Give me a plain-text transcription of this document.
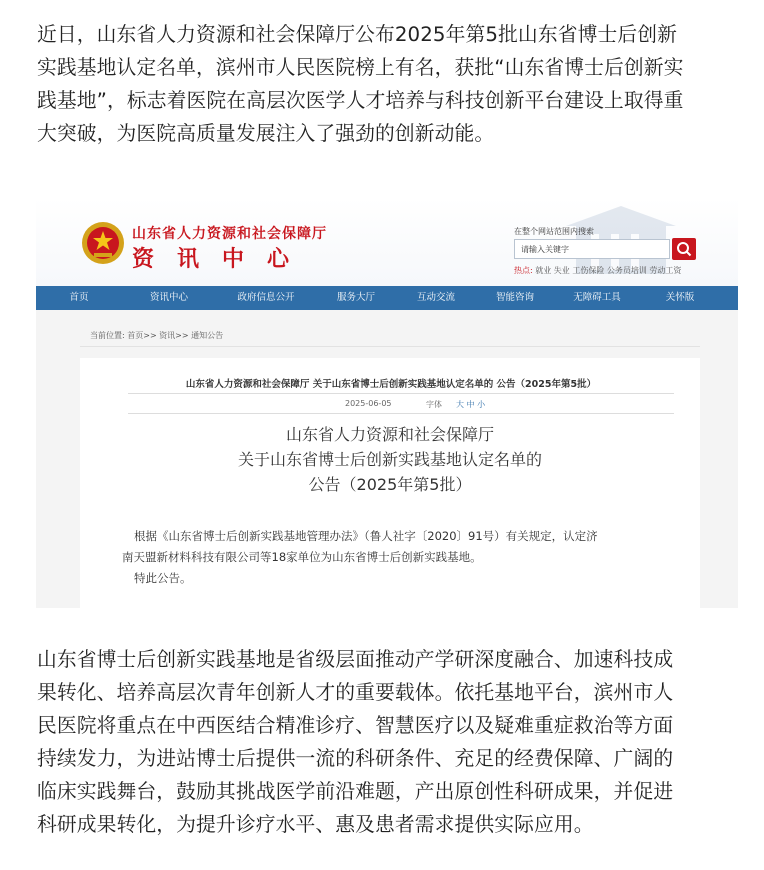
近日，山东省人力资源和社会保障厅公布2025年第5批山东省博士后创新
实践基地认定名单，滨州市人民医院榜上有名，获批“山东省博士后创新实
践基地”，标志着医院在高层次医学人才培养与科技创新平台建设上取得重
大突破，为医院高质量发展注入了强劲的创新动能。
山东省人力资源和社会保障厅
资讯中心
在整个网站范围内搜索
请输入关键字
热点: 就业 失业 工伤保险 公务员培训 劳动工资
首页	资讯中心	政府信息公开	服务大厅	互动交流	智能咨询	无障碍工具	关怀版
当前位置: 首页>> 资讯>> 通知公告
山东省人力资源和社会保障厅 关于山东省博士后创新实践基地认定名单的 公告（2025年第5批）
2025-06-05	字体 大 中 小
山东省人力资源和社会保障厅
关于山东省博士后创新实践基地认定名单的
公告（2025年第5批）
根据《山东省博士后创新实践基地管理办法》（鲁人社字〔2020〕91号）有关规定，认定济
南天盟新材料科技有限公司等18家单位为山东省博士后创新实践基地。
特此公告。
山东省博士后创新实践基地是省级层面推动产学研深度融合、加速科技成
果转化、培养高层次青年创新人才的重要载体。依托基地平台，滨州市人
民医院将重点在中西医结合精准诊疗、智慧医疗以及疑难重症救治等方面
持续发力，为进站博士后提供一流的科研条件、充足的经费保障、广阔的
临床实践舞台，鼓励其挑战医学前沿难题，产出原创性科研成果，并促进
科研成果转化，为提升诊疗水平、惠及患者需求提供实际应用。
